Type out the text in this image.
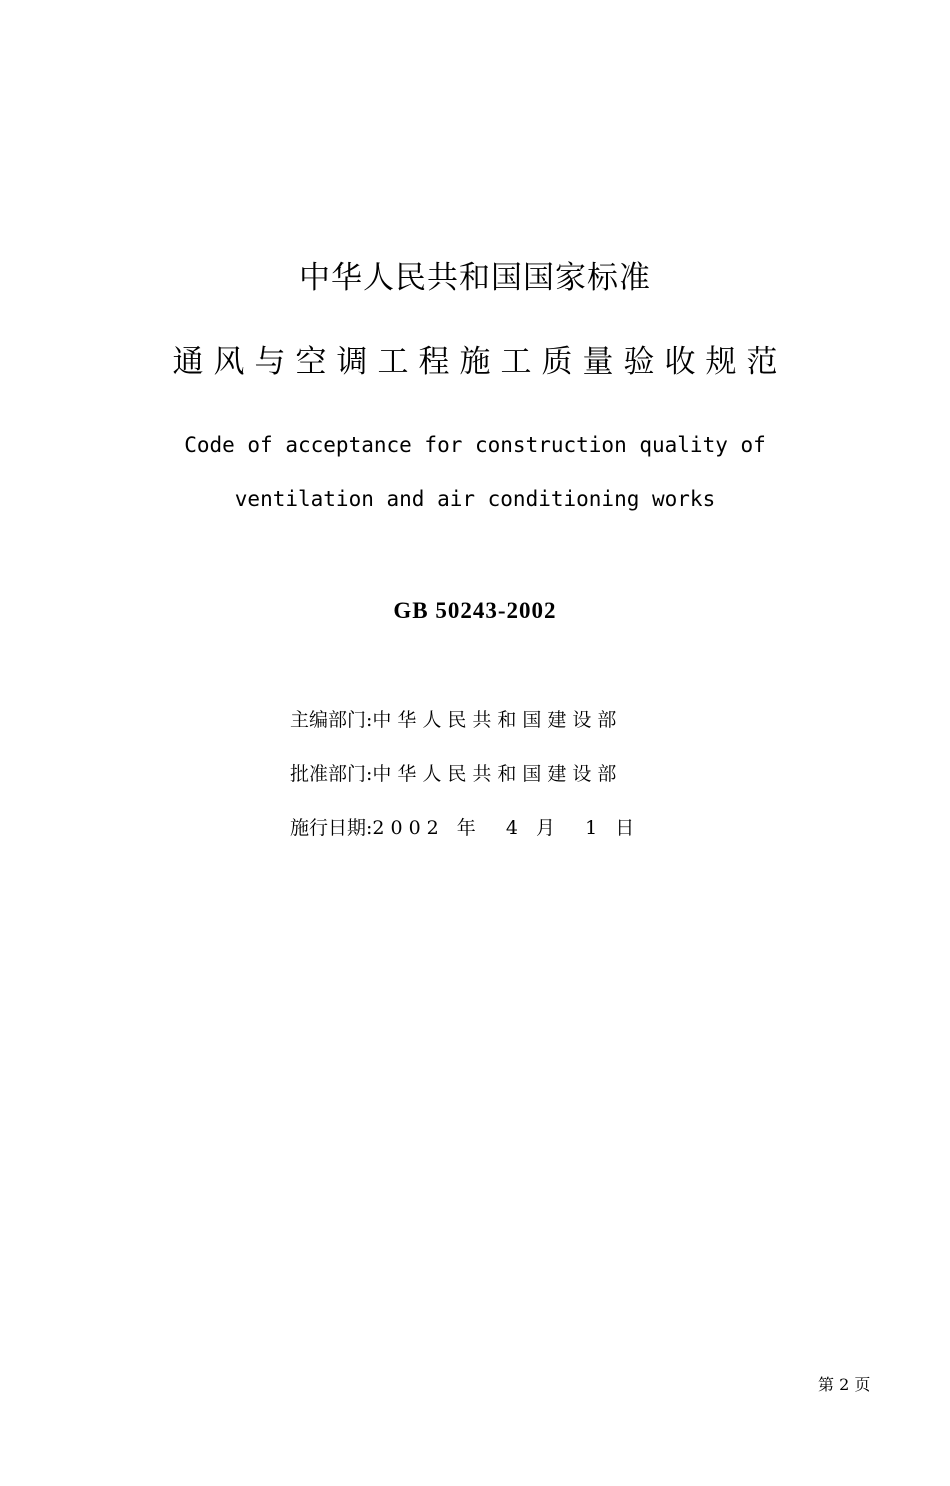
中华人民共和国国家标准
通风与空调工程施工质量验收规范
Code of acceptance for construction quality of
ventilation and air conditioning works
GB 50243-2002
主编部门:中华人民共和国建设部
批准部门:中华人民共和国建设部
施行日期:2002 年  4 月  1 日
第 2 页
